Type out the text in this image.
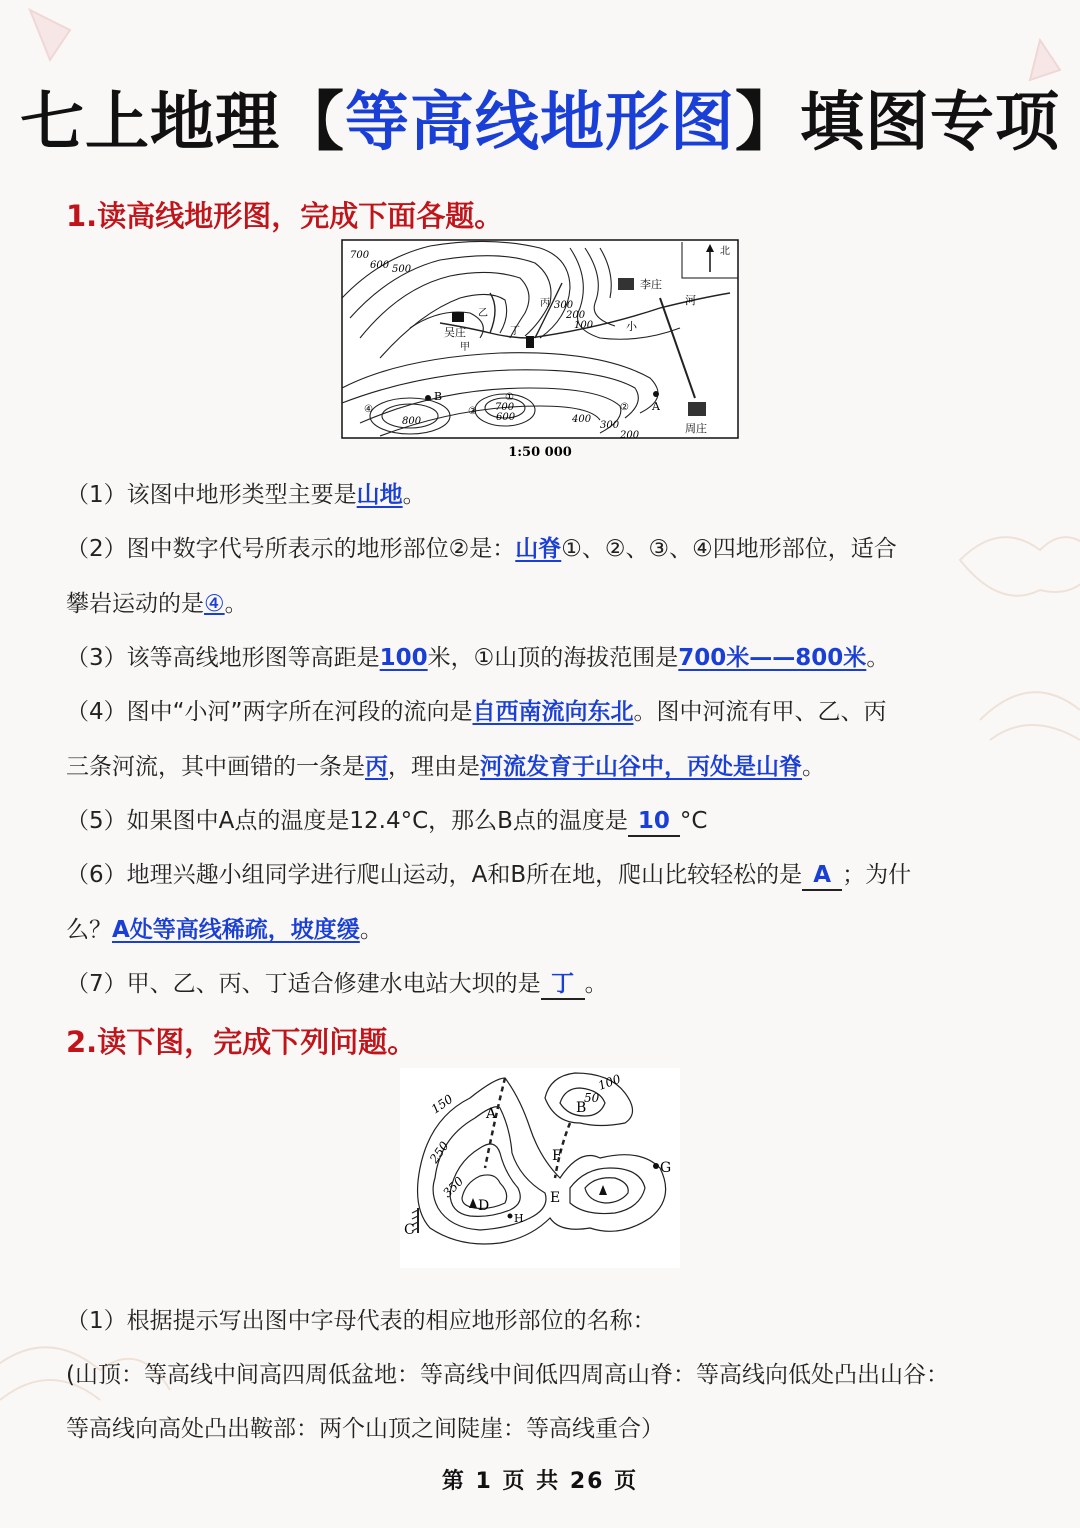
七上地理【等高线地形图】填图专项
1.读高线地形图，完成下面各题。
北
李庄
吴庄
周庄
小
河
甲
乙
丙
丁
700
600 500
300
200
100
800
700
600	400
300
200
A
B	①
②
③
④
1:50 000
（1）该图中地形类型主要是山地。
（2）图中数字代号所表示的地形部位②是：山脊①、②、③、④四地形部位，适合
攀岩运动的是④。
（3）该等高线地形图等高距是100米，①山顶的海拔范围是700米——800米。
（4）图中“小河”两字所在河段的流向是自西南流向东北。图中河流有甲、乙、丙
三条河流，其中画错的一条是丙，理由是河流发育于山谷中，丙处是山脊。
（5）如果图中A点的温度是12.4°C，那么B点的温度是 10 °C
（6）地理兴趣小组同学进行爬山运动，A和B所在地，爬山比较轻松的是 A ；为什
么？A处等高线稀疏，坡度缓。
（7）甲、乙、丙、丁适合修建水电站大坝的是 丁 。
2.读下图，完成下列问题。
150
250
350
100
50
A	B
C
D	E
F
G
H
（1）根据提示写出图中字母代表的相应地形部位的名称：
(山顶：等高线中间高四周低盆地：等高线中间低四周高山脊：等高线向低处凸出山谷：
等高线向高处凸出鞍部：两个山顶之间陡崖：等高线重合）
第 1 页 共 26 页
